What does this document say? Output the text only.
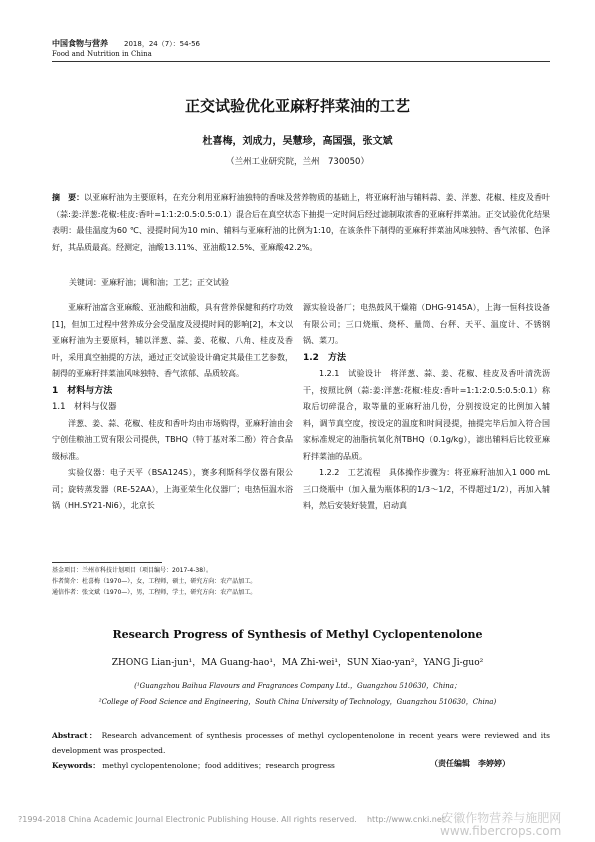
中国食物与营养 2018，24（7）：54-56
Food and Nutrition in China
正交试验优化亚麻籽拌菜油的工艺
杜喜梅，刘成力，吴慧珍，高国强，张文斌
（兰州工业研究院，兰州　730050）
摘　要：以亚麻籽油为主要原料，在充分利用亚麻籽油独特的香味及营养物质的基础上，将亚麻籽油与辅料蒜、姜、洋葱、花椒、桂皮及香叶（蒜:姜:洋葱:花椒:桂皮:香叶=1:1:2:0.5:0.5:0.1）混合后在真空状态下抽提一定时间后经过滤制取浓香的亚麻籽拌菜油。正交试验优化结果表明：最佳温度为60 ℃、浸提时间为10 min、辅料与亚麻籽油的比例为1:10，在该条件下制得的亚麻籽拌菜油风味独特、香气浓郁、色泽好，其品质最高。经测定，油酸13.11%、亚油酸12.5%、亚麻酸42.2%。
关键词：亚麻籽油；调和油；工艺；正交试验

亚麻籽油富含亚麻酸、亚油酸和油酸，具有营养保健和药疗功效[1]，但加工过程中营养成分会受温度及浸提时间的影响[2]，本文以亚麻籽油为主要原料，辅以洋葱、蒜、姜、花椒、八角、桂皮及香叶，采用真空抽提的方法，通过正交试验设计确定其最佳工艺参数，制得的亚麻籽拌菜油风味独特、香气浓郁、品质较高。

1　材料与方法

1.1　材料与仪器

洋葱、姜、蒜、花椒、桂皮和香叶均由市场购得，亚麻籽油由会宁创佳粮油工贸有限公司提供，TBHQ（特丁基对苯二酚）符合食品级标准。

实验仪器：电子天平（BSA124S），赛多利斯科学仪器有限公司；旋转蒸发器（RE-52AA），上海亚荣生化仪器厂；电热恒温水浴锅（HH.SY21-Ni6），北京长

源实验设备厂；电热鼓风干燥箱（DHG-9145A），上海一恒科技设备有限公司；三口烧瓶、烧杯、量筒、台秤、天平、温度计、不锈钢锅、菜刀。

1.2　方法

1.2.1　试验设计　 将洋葱、蒜、姜、花椒、桂皮及香叶清洗沥干，按照比例（蒜:姜:洋葱:花椒:桂皮:香叶=1:1:2:0.5:0.5:0.1）称取后切碎混合，取等量的亚麻籽油几份，分别按设定的比例加入辅料，调节真空度，按设定的温度和时间浸提，抽提完毕后加入符合国家标准规定的油脂抗氧化剂TBHQ（0.1g/kg），滤出辅料后比较亚麻籽拌菜油的品质。

1.2.2　工艺流程　 具体操作步骤为：将亚麻籽油加入1 000 mL三口烧瓶中（加入量为瓶体积的1/3～1/2，不得超过1/2），再加入辅料，然后安装好装置，启动真

基金项目：兰州市科技计划项目（项目编号：2017-4-38）。
作者简介：杜喜梅（1970—），女，工程师，硕士，研究方向：农产品加工。
通信作者：张文斌（1970—），男，工程师，学士，研究方向：农产品加工。
Research Progress of Synthesis of Methyl Cyclopentenolone
ZHONG Lian-jun¹，MA Guang-hao¹，MA Zhi-wei¹，SUN Xiao-yan²，YANG Ji-guo²
(¹Guangzhou Baihua Flavours and Fragrances Company Ltd.，Guangzhou 510630，China；
²College of Food Science and Engineering，South China University of Technology，Guangzhou 510630，China)
Abstract： Research advancement of synthesis processes of methyl cyclopentenolone in recent years were reviewed and its development was prospected.
Keywords： methyl cyclopentenolone；food additives；research progress	（责任编辑　李婷婷）
?1994-2018 China Academic Journal Electronic Publishing House. All rights reserved. http://www.cnki.net
安徽作物营养与施肥网
www.fibercrops.com
